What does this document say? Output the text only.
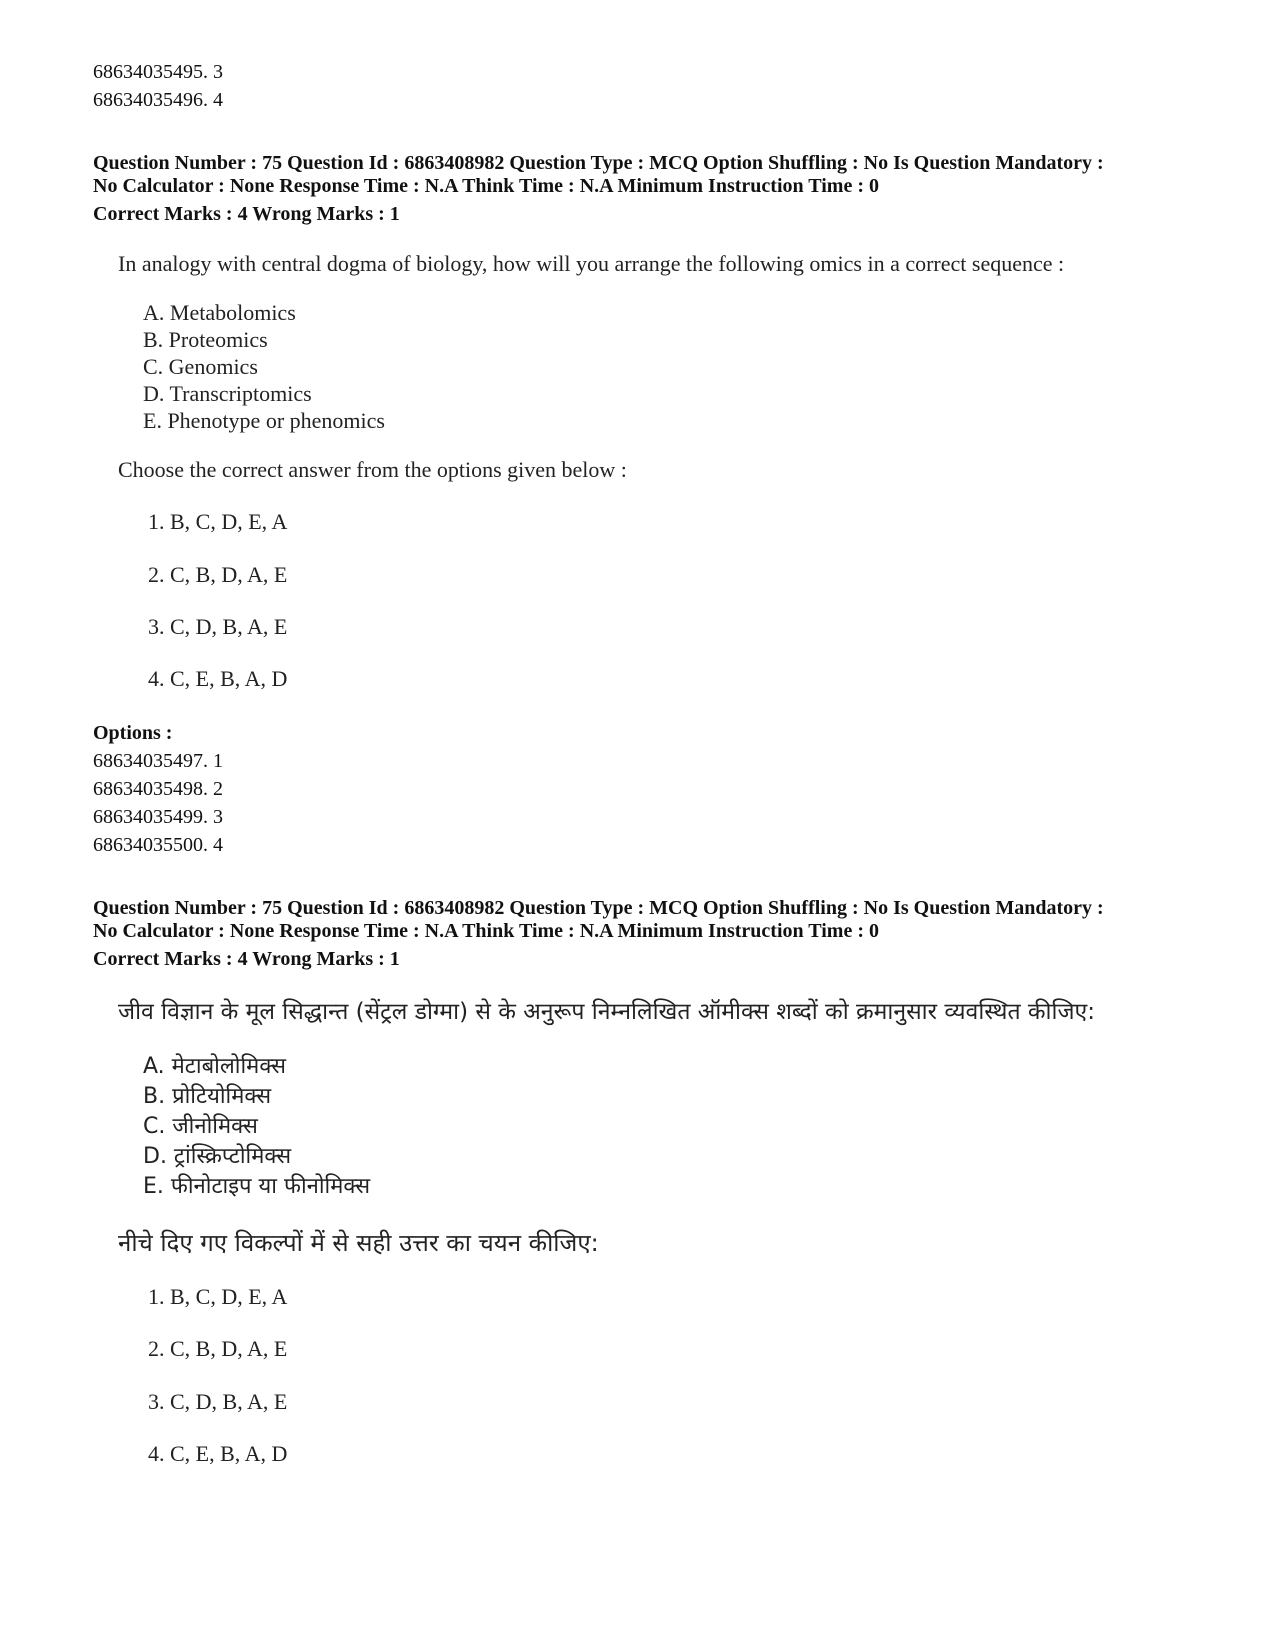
68634035495. 3
68634035496. 4
Question Number : 75 Question Id : 6863408982 Question Type : MCQ Option Shuffling : No Is Question Mandatory :
No Calculator : None Response Time : N.A Think Time : N.A Minimum Instruction Time : 0
Correct Marks : 4 Wrong Marks : 1
In analogy with central dogma of biology, how will you arrange the following omics in a correct sequence :
A. Metabolomics
B. Proteomics
C. Genomics
D. Transcriptomics
E. Phenotype or phenomics
Choose the correct answer from the options given below :
1. B, C, D, E, A
2. C, B, D, A, E
3. C, D, B, A, E
4. C, E, B, A, D
Options :
68634035497. 1
68634035498. 2
68634035499. 3
68634035500. 4
Question Number : 75 Question Id : 6863408982 Question Type : MCQ Option Shuffling : No Is Question Mandatory :
No Calculator : None Response Time : N.A Think Time : N.A Minimum Instruction Time : 0
Correct Marks : 4 Wrong Marks : 1
जीव विज्ञान के मूल सिद्धान्त (सेंट्रल डोग्मा) से के अनुरूप निम्नलिखित ऑमीक्स शब्दों को क्रमानुसार व्यवस्थित कीजिए:
A. मेटाबोलोमिक्स
B. प्रोटियोमिक्स
C. जीनोमिक्स
D. ट्रांस्क्रिप्टोमिक्स
E. फीनोटाइप या फीनोमिक्स
नीचे दिए गए विकल्पों में से सही उत्तर का चयन कीजिए:
1. B, C, D, E, A
2. C, B, D, A, E
3. C, D, B, A, E
4. C, E, B, A, D
